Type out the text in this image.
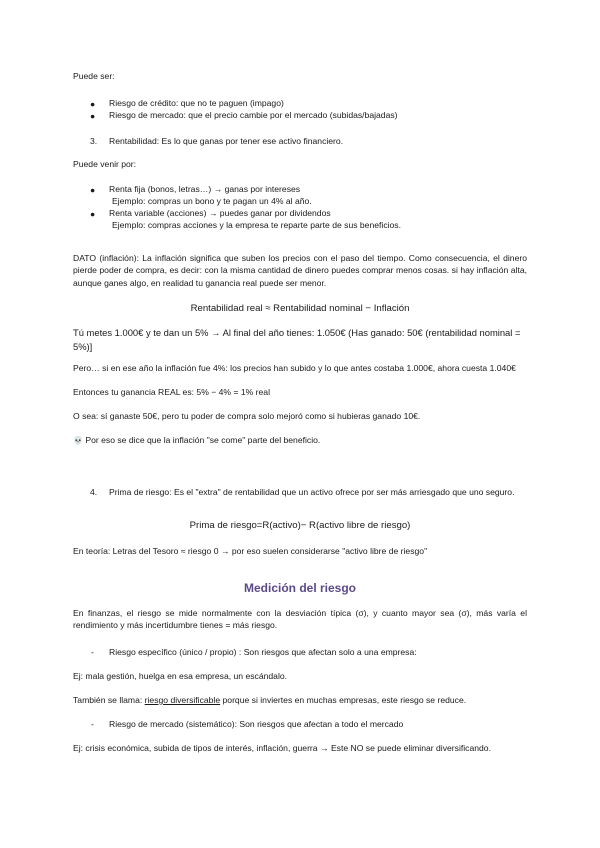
Puede ser:

● Riesgo de crédito: que no te paguen (impago)

● Riesgo de mercado: que el precio cambie por el mercado (subidas/bajadas)

3. Rentabilidad: Es lo que ganas por tener ese activo financiero.

Puede venir por:

● Renta fija (bonos, letras…) → ganas por intereses

Ejemplo: compras un bono y te pagan un 4% al año.

● Renta variable (acciones) → puedes ganar por dividendos

Ejemplo: compras acciones y la empresa te reparte parte de sus beneficios.

DATO (inflación): La inflación significa que suben los precios con el paso del tiempo. Como consecuencia, el dinero pierde poder de compra, es decir: con la misma cantidad de dinero puedes comprar menos cosas. si hay inflación alta, aunque ganes algo, en realidad tu ganancia real puede ser menor.

Rentabilidad real ≈ Rentabilidad nominal − Inflación

Tú metes 1.000€ y te dan un 5% → Al final del año tienes: 1.050€ (Has ganado: 50€ (rentabilidad nominal = 5%)]

Pero… si en ese año la inflación fue 4%: los precios han subido y lo que antes costaba 1.000€, ahora cuesta 1.040€

Entonces tu ganancia REAL es: 5% − 4% = 1% real

O sea: sí ganaste 50€, pero tu poder de compra solo mejoró como si hubieras ganado 10€.

💀 Por eso se dice que la inflación "se come" parte del beneficio.

4. Prima de riesgo: Es el "extra" de rentabilidad que un activo ofrece por ser más arriesgado que uno seguro.

Prima de riesgo=R(activo)− R(activo libre de riesgo)

En teoría: Letras del Tesoro ≈ riesgo 0 → por eso suelen considerarse "activo libre de riesgo"

Medición del riesgo

En finanzas, el riesgo se mide normalmente con la desviación típica (σ), y cuanto mayor sea (σ), más varía el rendimiento y más incertidumbre tienes = más riesgo.

- Riesgo específico (único / propio) : Son riesgos que afectan solo a una empresa:

Ej: mala gestión, huelga en esa empresa, un escándalo.

También se llama: riesgo diversificable porque si inviertes en muchas empresas, este riesgo se reduce.

- Riesgo de mercado (sistemático): Son riesgos que afectan a todo el mercado

Ej: crisis económica, subida de tipos de interés, inflación, guerra → Este NO se puede eliminar diversificando.
